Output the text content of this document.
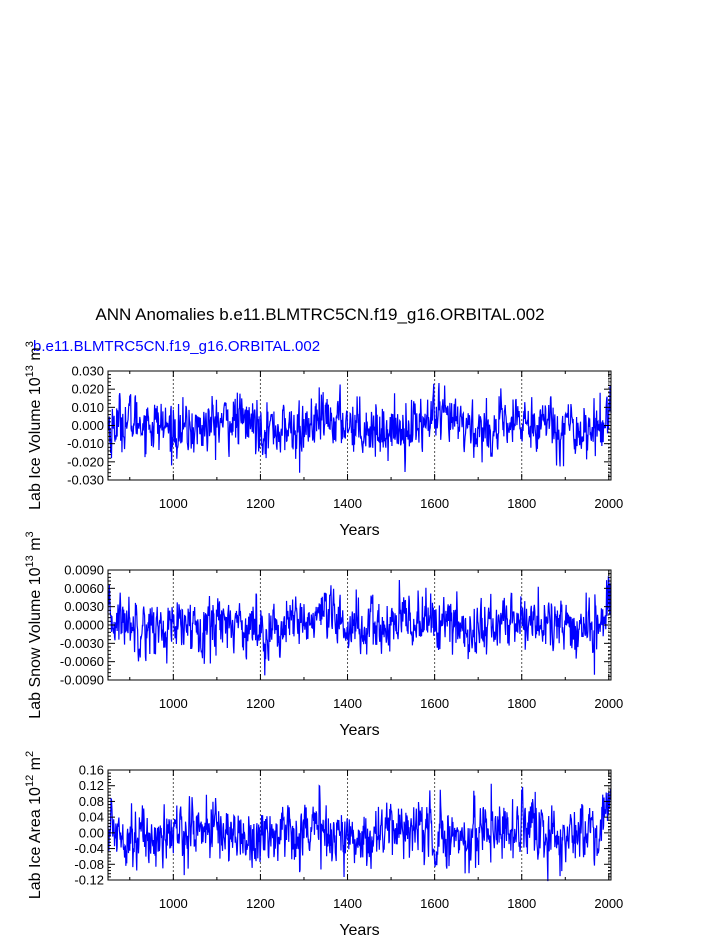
ANN Anomalies b.e11.BLMTRC5CN.f19_g16.ORBITAL.002
b.e11.BLMTRC5CN.f19_g16.ORBITAL.002
1000	1200	1400	1600	1800	2000
-0.030
-0.020
-0.010
0.000
0.010
0.020
0.030
Years
Lab Ice Volume $10^{13}$ $m^3$
1000	1200	1400	1600	1800	2000
-0.0090
-0.0060
-0.0030
0.0000
0.0030
0.0060
0.0090
Years
Lab Snow Volume $10^{13}$ $m^3$
1000	1200	1400	1600	1800	2000
-0.12
-0.08
-0.04
0.00
0.04
0.08
0.12
0.16
Years
Lab Ice Area $10^{12}$ $m^2$
